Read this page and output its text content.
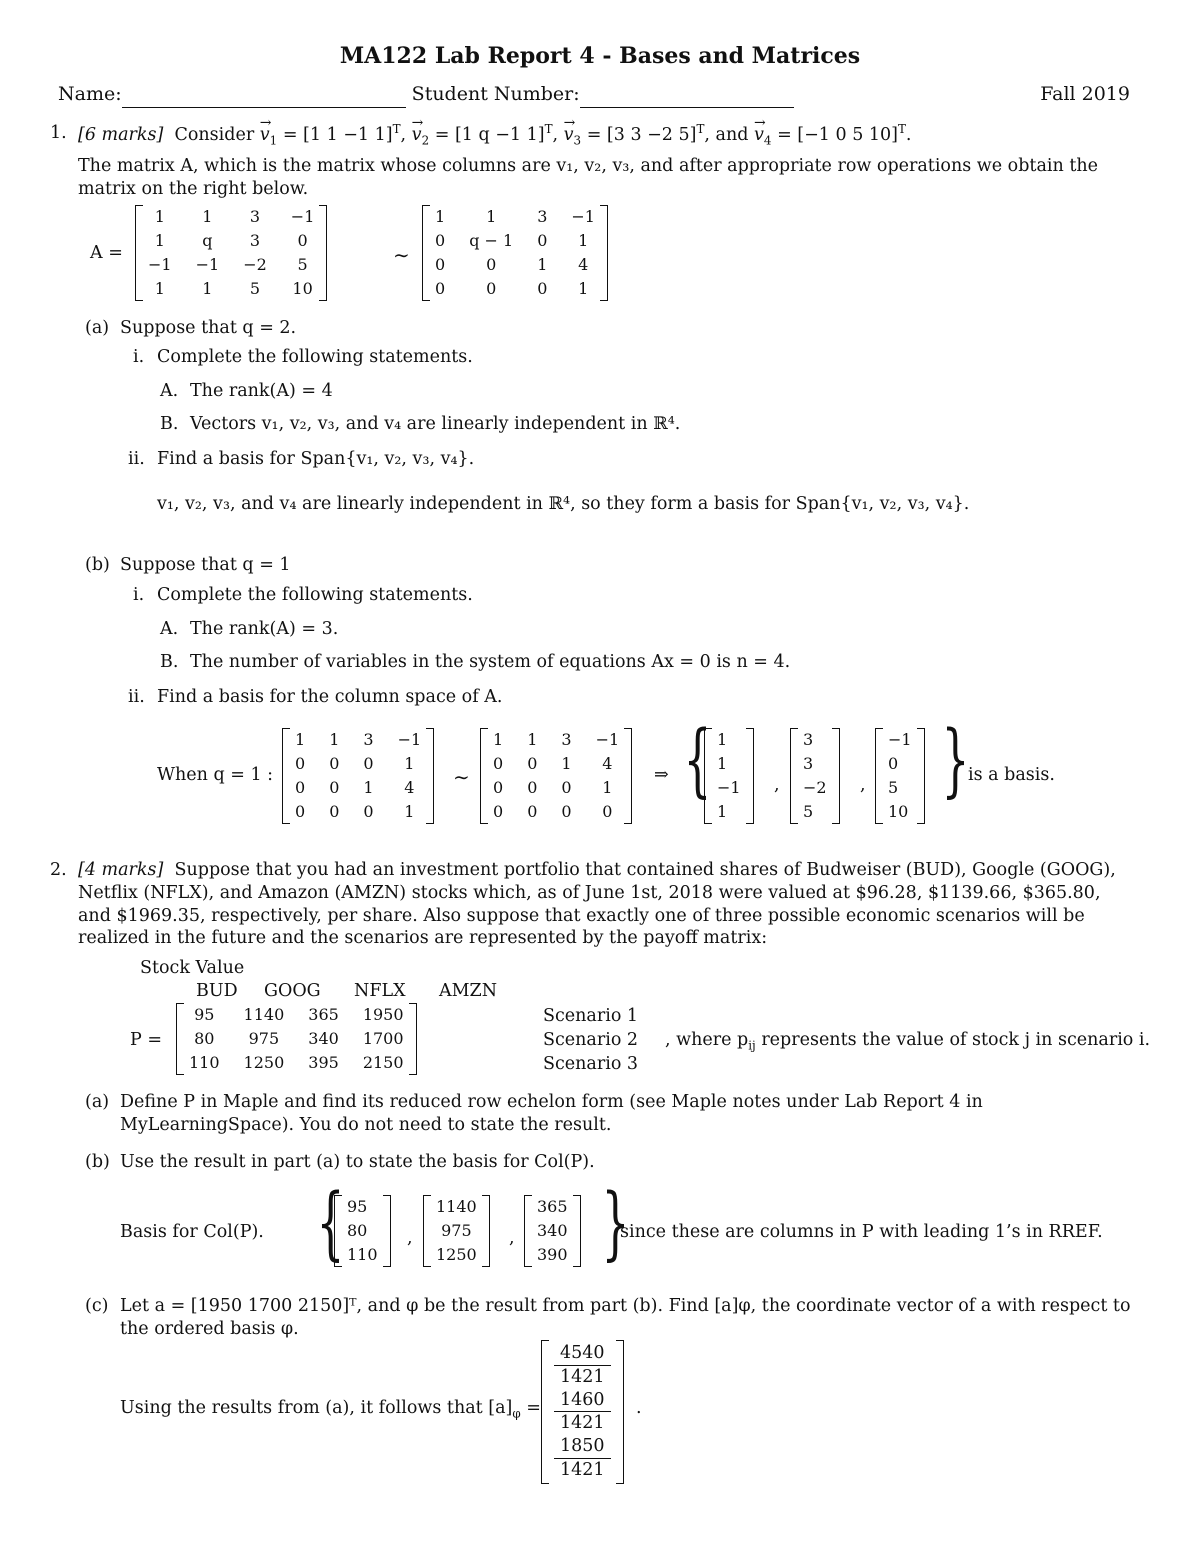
MA122 Lab Report 4 - Bases and Matrices
Name:	Student Number:	Fall 2019
1. [6 marks] Consider → $v_1 = [1$ 1 −1 1]$^T$, → $v_2 = [1$ q −1 1]$^T$, → $v_3 = [3$ 3 −2 5]$^T$, and → $v_4 = [-1$ 0 5 10]$^T$.
The matrix A, which is the matrix whose columns are v₁, v₂, v₃, and after appropriate row operations we obtain the matrix on the right below.
A =
1	1	3	−1
1	q	3	0
−1	−1	−2	5
1	1	5	10
∼
1	1	3	−1
0	q − 1	0	1
0	0	1	4
0	0	0	1
(a) Suppose that q = 2.
i. Complete the following statements.
A. The rank(A) = 4
B. Vectors v₁, v₂, v₃, and v₄ are linearly independent in ℝ⁴.
ii. Find a basis for Span{v₁, v₂, v₃, v₄}.
v₁, v₂, v₃, and v₄ are linearly independent in ℝ⁴, so they form a basis for Span{v₁, v₂, v₃, v₄}.
(b) Suppose that q = 1
i. Complete the following statements.
A. The rank(A) = 3.
B. The number of variables in the system of equations Ax = 0 is n = 4.
ii. Find a basis for the column space of A.
When q = 1 :
1	1	3	−1
0	0	0	1
0	0	1	4
0	0	0	1
∼
1	1	3	−1
0	0	1	4
0	0	0	1
0	0	0	0
⇒ { 1
1
−1
1
,
3
3
−2
5
,
−1
0
5
10
}
is a basis.
2. [4 marks] Suppose that you had an investment portfolio that contained shares of Budweiser (BUD), Google (GOOG), Netflix (NFLX), and Amazon (AMZN) stocks which, as of June 1st, 2018 were valued at $96.28, $1139.66, $365.80, and $1969.35, respectively, per share. Also suppose that exactly one of three possible economic scenarios will be realized in the future and the scenarios are represented by the payoff matrix:
Stock Value
BUD GOOG NFLX AMZN
P =
95	1140	365	1950
80	975	340	1700
110	1250	395	2150
Scenario 1
Scenario 2
Scenario 3
, where $p_{ij}$ represents the value of stock j in scenario i.
(a) Define P in Maple and find its reduced row echelon form (see Maple notes under Lab Report 4 in MyLearningSpace). You do not need to state the result.
(b) Use the result in part (a) to state the basis for Col(P).
Basis for Col(P). { 95
80
110
,
1140
975
1250
,
365
340
390 }
since these are columns in P with leading 1’s in RREF.
(c) Let a = [1950 1700 2150]ᵀ, and φ be the result from part (b). Find [a]φ, the coordinate vector of a with respect to the ordered basis φ.
Using the results from (a), it follows that $[a]_\varphi$ =
4540
1421
1460
1421
1850
1421
.
